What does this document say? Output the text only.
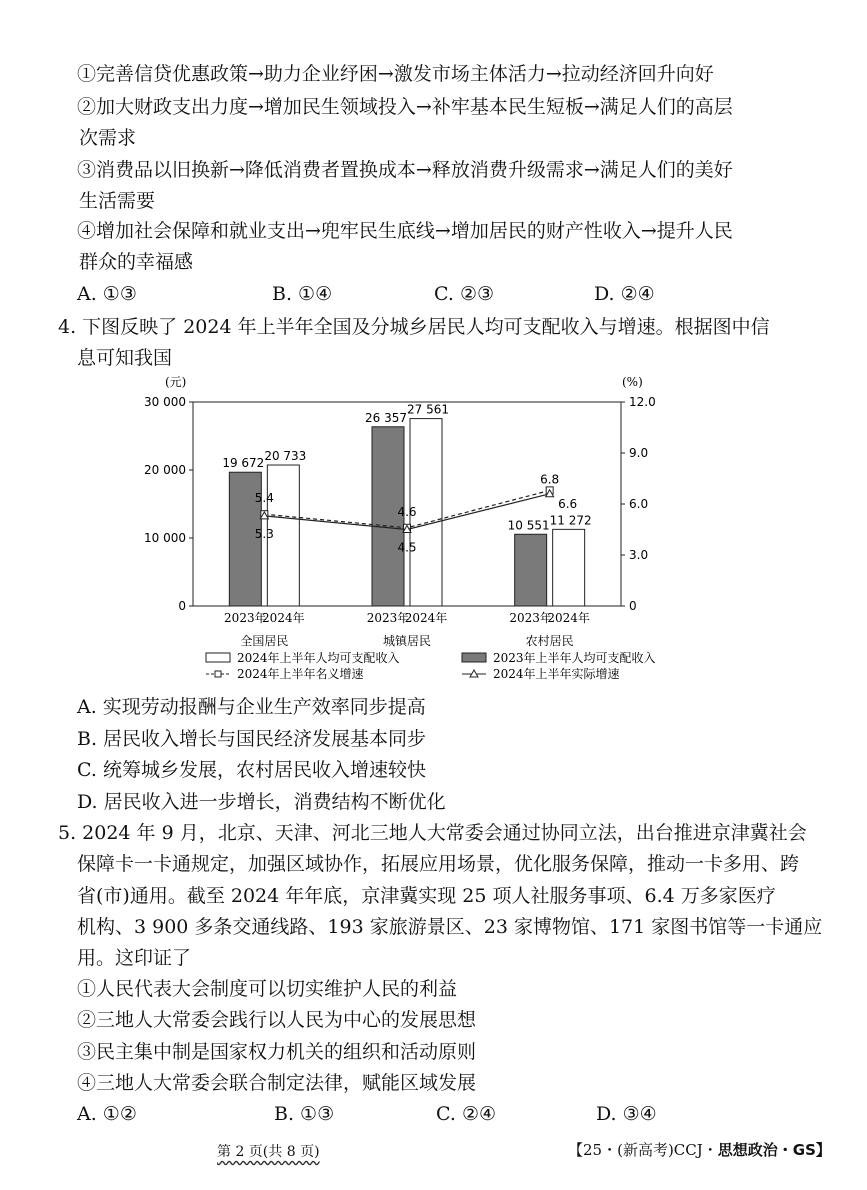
①完善信贷优惠政策→助力企业纾困→激发市场主体活力→拉动经济回升向好
②加大财政支出力度→增加民生领域投入→补牢基本民生短板→满足人们的高层
次需求
③消费品以旧换新→降低消费者置换成本→释放消费升级需求→满足人们的美好
生活需要
④增加社会保障和就业支出→兜牢民生底线→增加居民的财产性收入→提升人民
群众的幸福感
A. ①③	B. ①④	C. ②③	D. ②④
4. 下图反映了 2024 年上半年全国及分城乡居民人均可支配收入与增速。根据图中信
息可知我国
(元)	(%)
0
10 000
20 000
30 000
0
3.0
6.0
9.0
12.0
19 672
20 733
2023年
2024年
全国居民
26 357
27 561
2023年
2024年
城镇居民
10 551 11 272
2023年
2024年
农村居民
5.4
4.6
6.8
5.3
4.5
6.6
2024年上半年人均可支配收入	2023年上半年人均可支配收入
2024年上半年名义增速	2024年上半年实际增速
A. 实现劳动报酬与企业生产效率同步提高
B. 居民收入增长与国民经济发展基本同步
C. 统筹城乡发展，农村居民收入增速较快
D. 居民收入进一步增长，消费结构不断优化
5. 2024 年 9 月，北京、天津、河北三地人大常委会通过协同立法，出台推进京津冀社会
保障卡一卡通规定，加强区域协作，拓展应用场景，优化服务保障，推动一卡多用、跨
省(市)通用。截至 2024 年年底，京津冀实现 25 项人社服务事项、6.4 万多家医疗
机构、3 900 多条交通线路、193 家旅游景区、23 家博物馆、171 家图书馆等一卡通应
用。这印证了
①人民代表大会制度可以切实维护人民的利益
②三地人大常委会践行以人民为中心的发展思想
③民主集中制是国家权力机关的组织和活动原则
④三地人大常委会联合制定法律，赋能区域发展
A. ①②	B. ①③	C. ②④	D. ③④
第 2 页(共 8 页)	【25・(新高考)CCJ・思想政治・GS】
